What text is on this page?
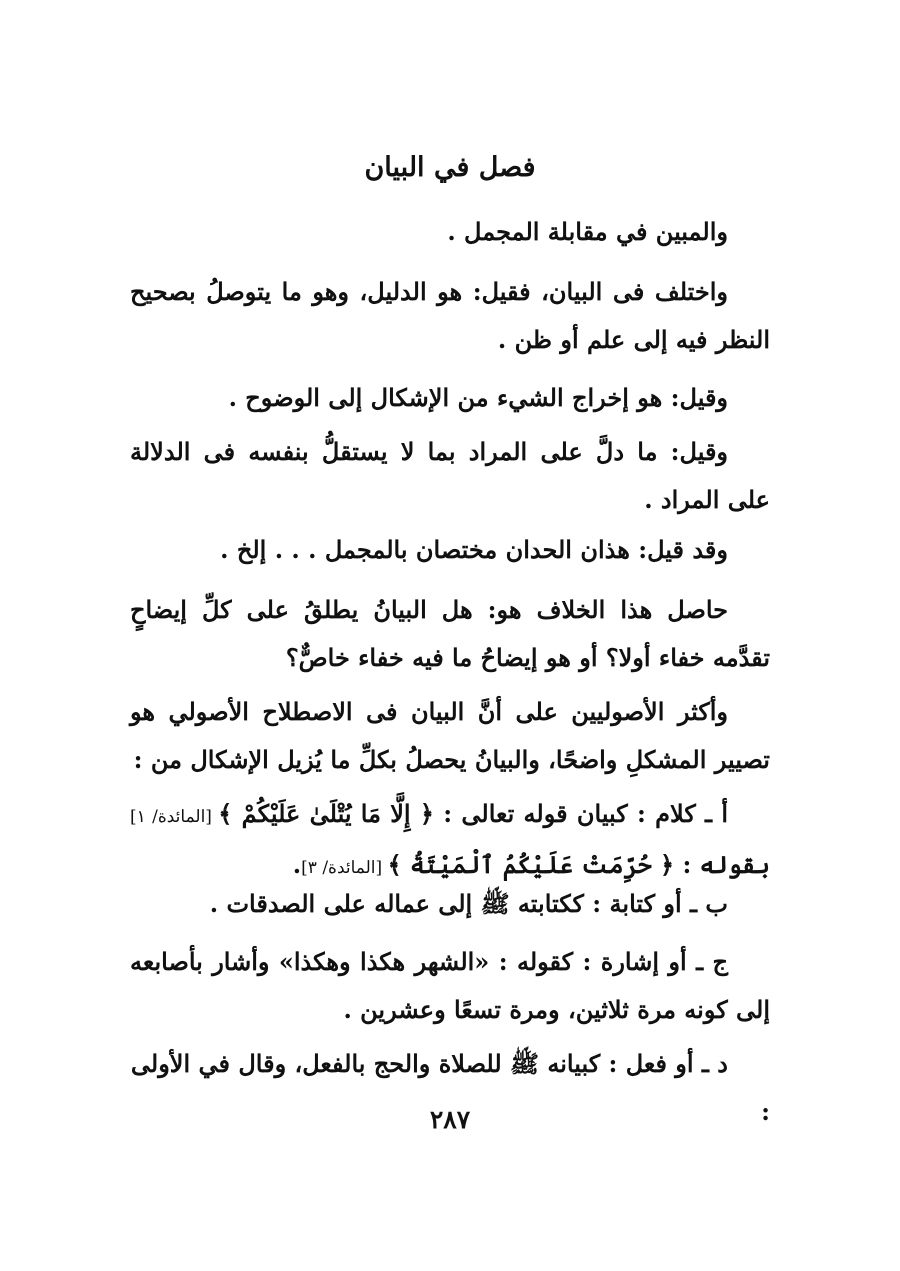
فصل في البيان

والمبين في مقابلة المجمل .

واختلف فى البيان، فقيل: هو الدليل، وهو ما يتوصلُ بصحيح النظر فيه إلى علم أو ظن .

وقيل: هو إخراج الشيء من الإشكال إلى الوضوح .

وقيل: ما دلَّ على المراد بما لا يستقلُّ بنفسه فى الدلالة على المراد .

وقد قيل: هذان الحدان مختصان بالمجمل . . . إلخ .

حاصل هذا الخلاف هو: هل البيانُ يطلقُ على كلِّ إيضاحٍ تقدَّمه خفاء أولا؟ أو هو إيضاحُ ما فيه خفاء خاصٌّ؟

وأكثر الأصوليين على أنَّ البيان فى الاصطلاح الأصولي هو تصيير المشكلِ واضحًا، والبيانُ يحصلُ بكلِّ ما يُزيل الإشكال من :

أ ـ كلام : كبيان قوله تعالى : ﴿ إِلَّا مَا يُتْلَىٰ عَلَيْكُمْ ﴾ [المائدة/ ١] بقوله : ﴿ حُرِّمَتْ عَلَيْكُمُ ٱلْمَيْتَةُ ﴾ [المائدة/ ٣].

ب ـ أو كتابة : ككتابته ﷺ إلى عماله على الصدقات .

ج ـ أو إشارة : كقوله : «الشهر هكذا وهكذا» وأشار بأصابعه إلى كونه مرة ثلاثين، ومرة تسعًا وعشرين .

د ـ أو فعل : كبيانه ﷺ للصلاة والحج بالفعل، وقال في الأولى :

٢٨٧
